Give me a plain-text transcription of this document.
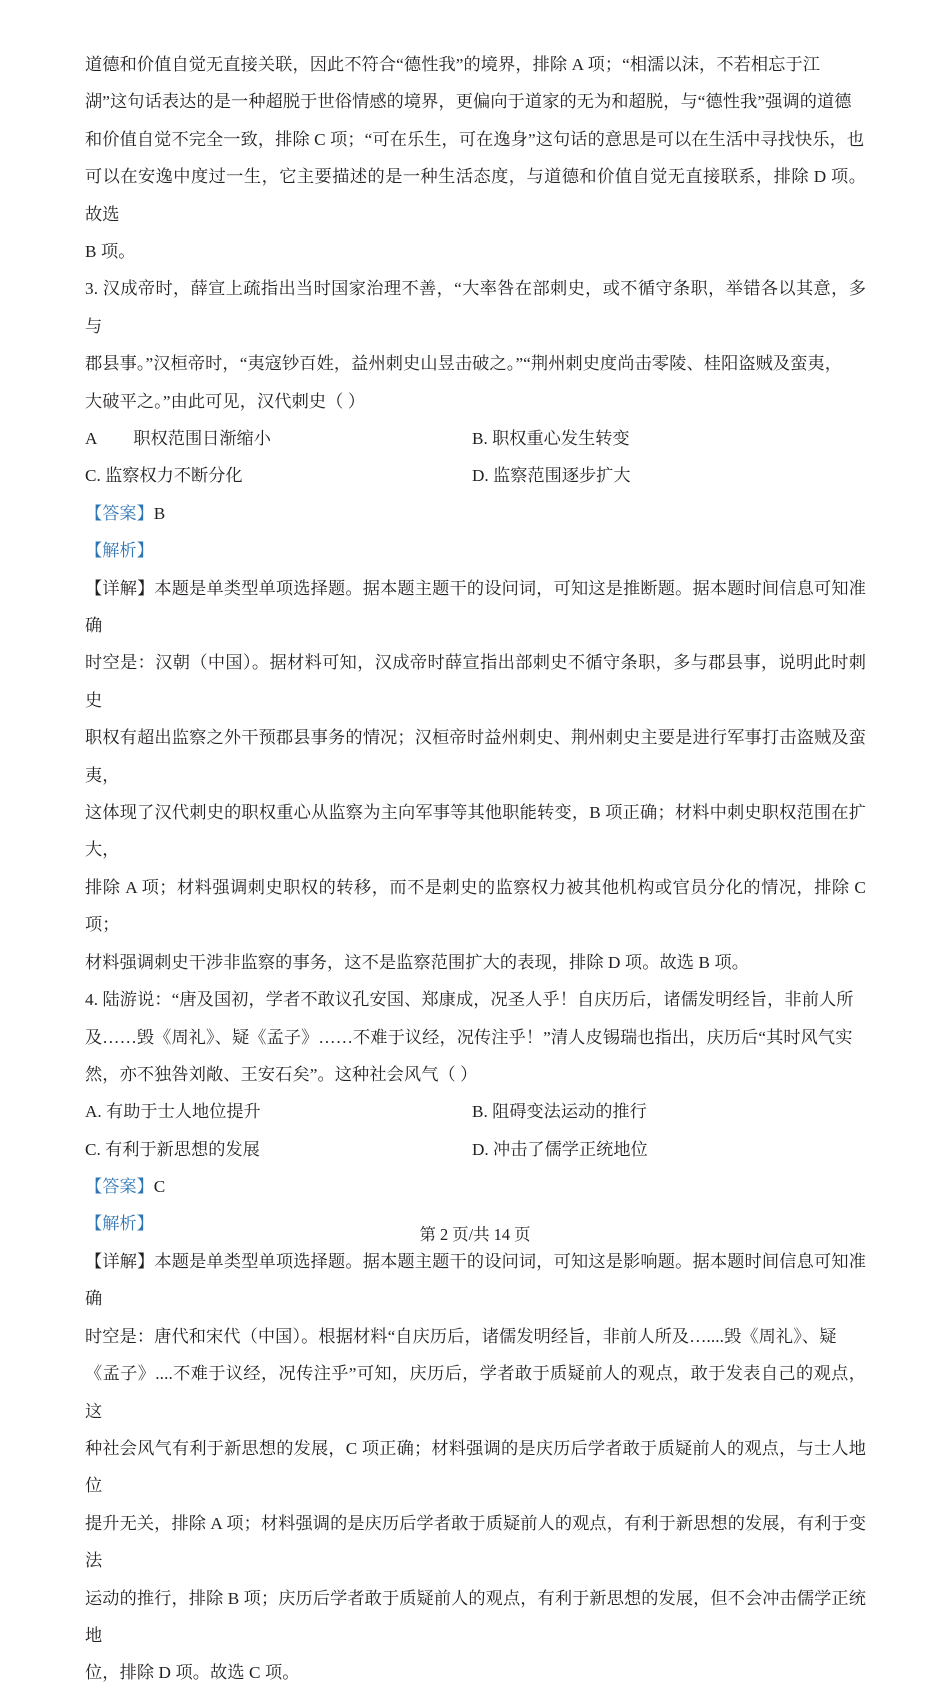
道德和价值自觉无直接关联，因此不符合“德性我”的境界，排除 A 项；“相濡以沫，不若相忘于江
湖”这句话表达的是一种超脱于世俗情感的境界，更偏向于道家的无为和超脱，与“德性我”强调的道德
和价值自觉不完全一致，排除 C 项；“可在乐生，可在逸身”这句话的意思是可以在生活中寻找快乐，也
可以在安逸中度过一生，它主要描述的是一种生活态度，与道德和价值自觉无直接联系，排除 D 项。故选
B 项。
3. 汉成帝时，薛宣上疏指出当时国家治理不善，“大率咎在部刺史，或不循守条职，举错各以其意，多与
郡县事。”汉桓帝时，“夷寇钞百姓，益州刺史山昱击破之。”“荆州刺史度尚击零陵、桂阳盗贼及蛮夷，
大破平之。”由此可见，汉代刺史（ ）
A 职权范围日渐缩小	B. 职权重心发生转变
C. 监察权力不断分化	D. 监察范围逐步扩大
【答案】B
【解析】
【详解】本题是单类型单项选择题。据本题主题干的设问词，可知这是推断题。据本题时间信息可知准确
时空是：汉朝（中国）。据材料可知，汉成帝时薛宣指出部刺史不循守条职，多与郡县事，说明此时刺史
职权有超出监察之外干预郡县事务的情况；汉桓帝时益州刺史、荆州刺史主要是进行军事打击盗贼及蛮夷，
这体现了汉代刺史的职权重心从监察为主向军事等其他职能转变，B 项正确；材料中刺史职权范围在扩大，
排除 A 项；材料强调刺史职权的转移，而不是刺史的监察权力被其他机构或官员分化的情况，排除 C 项；
材料强调刺史干涉非监察的事务，这不是监察范围扩大的表现，排除 D 项。故选 B 项。
4. 陆游说：“唐及国初，学者不敢议孔安国、郑康成，况圣人乎！自庆历后，诸儒发明经旨，非前人所
及……毁《周礼》、疑《孟子》……不难于议经，况传注乎！”清人皮锡瑞也指出，庆历后“其时风气实
然，亦不独咎刘敞、王安石矣”。这种社会风气（ ）
A. 有助于士人地位提升	B. 阻碍变法运动的推行
C. 有利于新思想的发展	D. 冲击了儒学正统地位
【答案】C
【解析】
【详解】本题是单类型单项选择题。据本题主题干的设问词，可知这是影响题。据本题时间信息可知准确
时空是：唐代和宋代（中国）。根据材料“自庆历后，诸儒发明经旨，非前人所及…....毁《周礼》、疑
《孟子》....不难于议经，况传注乎”可知，庆历后，学者敢于质疑前人的观点，敢于发表自己的观点，这
种社会风气有利于新思想的发展，C 项正确；材料强调的是庆历后学者敢于质疑前人的观点，与士人地位
提升无关，排除 A 项；材料强调的是庆历后学者敢于质疑前人的观点，有利于新思想的发展，有利于变法
运动的推行，排除 B 项；庆历后学者敢于质疑前人的观点，有利于新思想的发展，但不会冲击儒学正统地
位，排除 D 项。故选 C 项。
第 2 页/共 14 页
